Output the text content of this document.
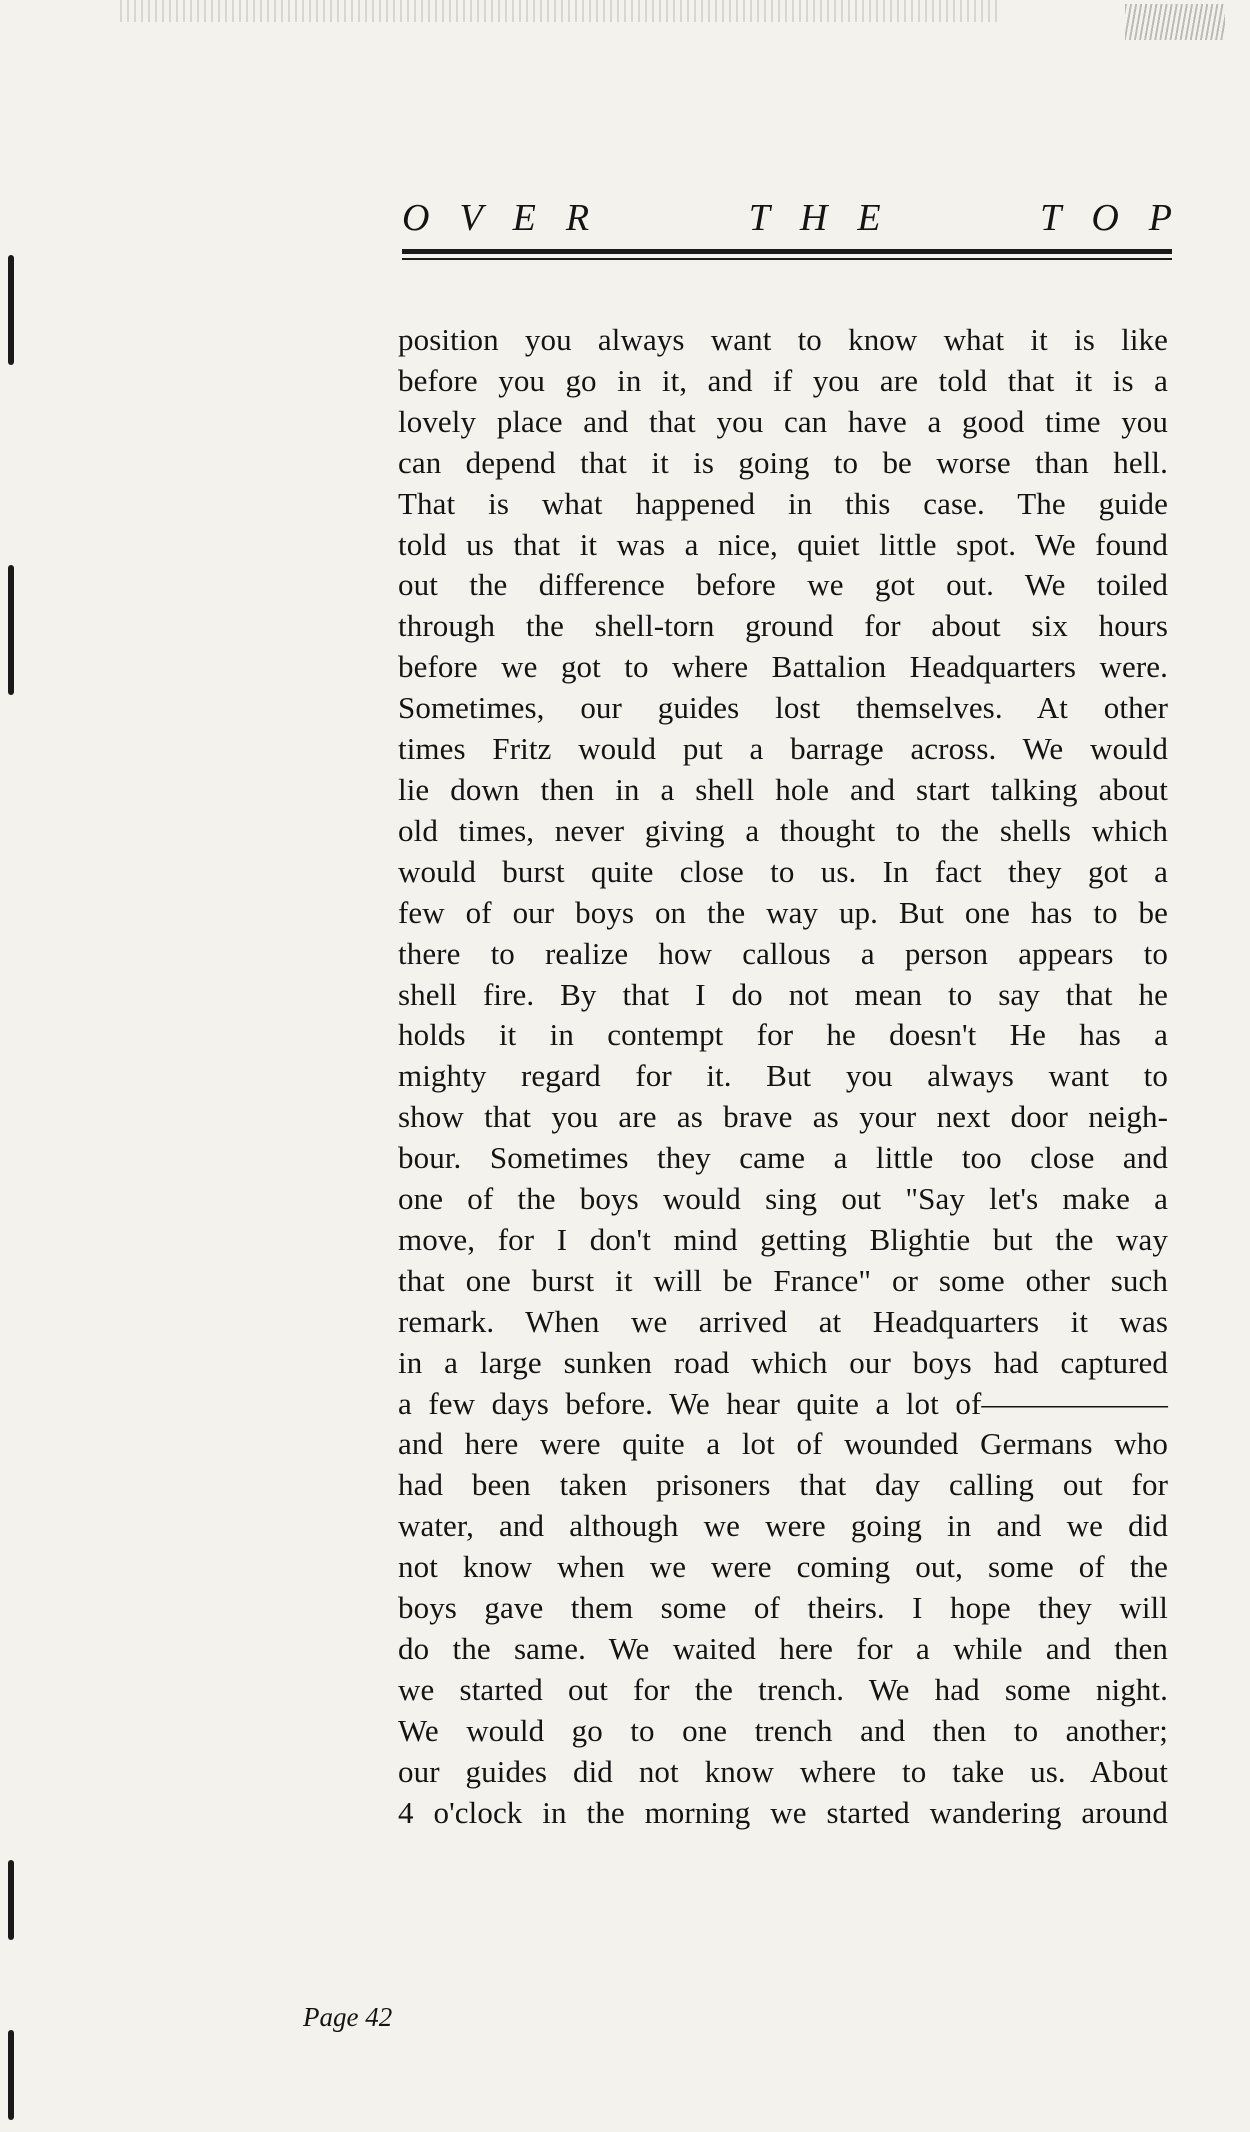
O V E R	T H E	T O P

position you always want to know what it is like
before you go in it, and if you are told that it is a
lovely place and that you can have a good time you
can depend that it is going to be worse than hell.
That is what happened in this case. The guide
told us that it was a nice, quiet little spot. We found
out the difference before we got out. We toiled
through the shell-torn ground for about six hours
before we got to where Battalion Headquarters were.
Sometimes, our guides lost themselves. At other
times Fritz would put a barrage across. We would
lie down then in a shell hole and start talking about
old times, never giving a thought to the shells which
would burst quite close to us. In fact they got a
few of our boys on the way up. But one has to be
there to realize how callous a person appears to
shell fire. By that I do not mean to say that he
holds it in contempt for he doesn't He has a
mighty regard for it. But you always want to
show that you are as brave as your next door neigh-
bour. Sometimes they came a little too close and
one of the boys would sing out "Say let's make a
move, for I don't mind getting Blightie but the way
that one burst it will be France" or some other such
remark. When we arrived at Headquarters it was
in a large sunken road which our boys had captured
a few days before. We hear quite a lot of——————
and here were quite a lot of wounded Germans who
had been taken prisoners that day calling out for
water, and although we were going in and we did
not know when we were coming out, some of the
boys gave them some of theirs. I hope they will
do the same. We waited here for a while and then
we started out for the trench. We had some night.
We would go to one trench and then to another;
our guides did not know where to take us. About
4 o'clock in the morning we started wandering around

Page 42
